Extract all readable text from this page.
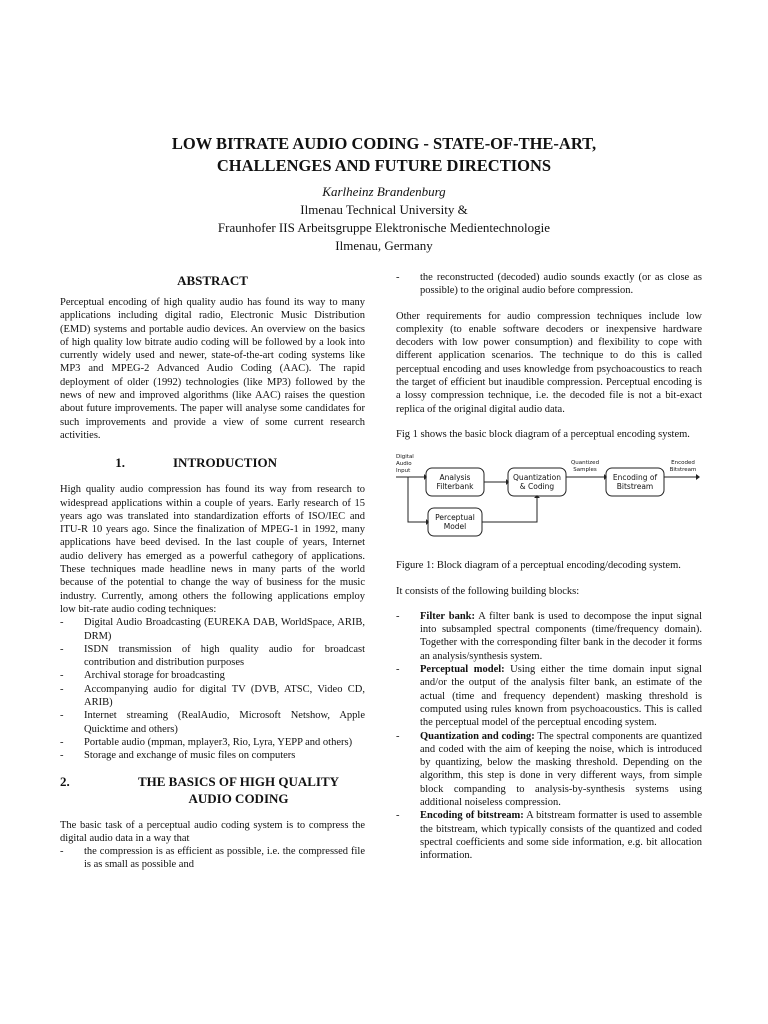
LOW BITRATE AUDIO CODING - STATE-OF-THE-ART,
CHALLENGES AND FUTURE DIRECTIONS
Karlheinz Brandenburg
Ilmenau Technical University &
Fraunhofer IIS Arbeitsgruppe Elektronische Medientechnologie
Ilmenau, Germany
ABSTRACT

Perceptual encoding of high quality audio has found its way to many applications including digital radio, Electronic Music Distribution (EMD) systems and portable audio devices. An overview on the basics of high quality low bitrate audio coding will be followed by a look into currently widely used and newer, state-of-the-art coding systems like MP3 and MPEG-2 Advanced Audio Coding (AAC). The rapid deployment of older (1992) technologies (like MP3) followed by the news of new and improved algorithms (like AAC) raises the question about future improvements. The paper will analyse some candidates for such improvements and provide a view of some current research activities.

1.	INTRODUCTION

High quality audio compression has found its way from research to widespread applications within a couple of years. Early research of 15 years ago was translated into standardization efforts of ISO/IEC and ITU-R 10 years ago. Since the finalization of MPEG-1 in 1992, many applications have beed devised. In the last couple of years, Internet audio delivery has emerged as a powerful cathegory of applications. These techniques made headline news in many parts of the world because of the potential to change the way of business for the music industry. Currently, among others the following applications employ low bit-rate audio coding techniques:

- Digital Audio Broadcasting (EUREKA DAB, WorldSpace, ARIB, DRM)
- ISDN transmission of high quality audio for broadcast contribution and distribution purposes
- Archival storage for broadcasting
- Accompanying audio for digital TV (DVB, ATSC, Video CD, ARIB)
- Internet streaming (RealAudio, Microsoft Netshow, Apple Quicktime and others)
- Portable audio (mpman, mplayer3, Rio, Lyra, YEPP and others)
- Storage and exchange of music files on computers
2.	THE BASICS OF HIGH QUALITY
AUDIO CODING

The basic task of a perceptual audio coding system is to compress the digital audio data in a way that

- the compression is as efficient as possible, i.e. the compressed file is as small as possible and
- the reconstructed (decoded) audio sounds exactly (or as close as possible) to the original audio before compression.

Other requirements for audio compression techniques include low complexity (to enable software decoders or inexpensive hardware decoders with low power consumption) and flexibility to cope with different application scenarios. The technique to do this is called perceptual encoding and uses knowledge from psychoacoustics to reach the target of efficient but inaudible compression. Perceptual encoding is a lossy compression technique, i.e. the decoded file is not a bit-exact replica of the original digital audio data.

Fig 1 shows the basic block diagram of a perceptual encoding system.

Digital
Audio
Input
Analysis
Filterbank
Quantization
& Coding
Encoding of
Bitstream
Perceptual
Model
Quantized
Samples
Encoded
Bitstream

Figure 1: Block diagram of a perceptual encoding/decoding system.

It consists of the following building blocks:

- Filter bank: A filter bank is used to decompose the input signal into subsampled spectral components (time/frequency domain). Together with the corresponding filter bank in the decoder it forms an analysis/synthesis system.
- Perceptual model: Using either the time domain input signal and/or the output of the analysis filter bank, an estimate of the actual (time and frequency dependent) masking threshold is computed using rules known from psychoacoustics. This is called the perceptual model of the perceptual encoding system.
- Quantization and coding: The spectral components are quantized and coded with the aim of keeping the noise, which is introduced by quantizing, below the masking threshold. Depending on the algorithm, this step is done in very different ways, from simple block companding to analysis-by-synthesis systems using additional noiseless compression.
- Encoding of bitstream: A bitstream formatter is used to assemble the bitstream, which typically consists of the quantized and coded spectral coefficients and some side information, e.g. bit allocation information.
